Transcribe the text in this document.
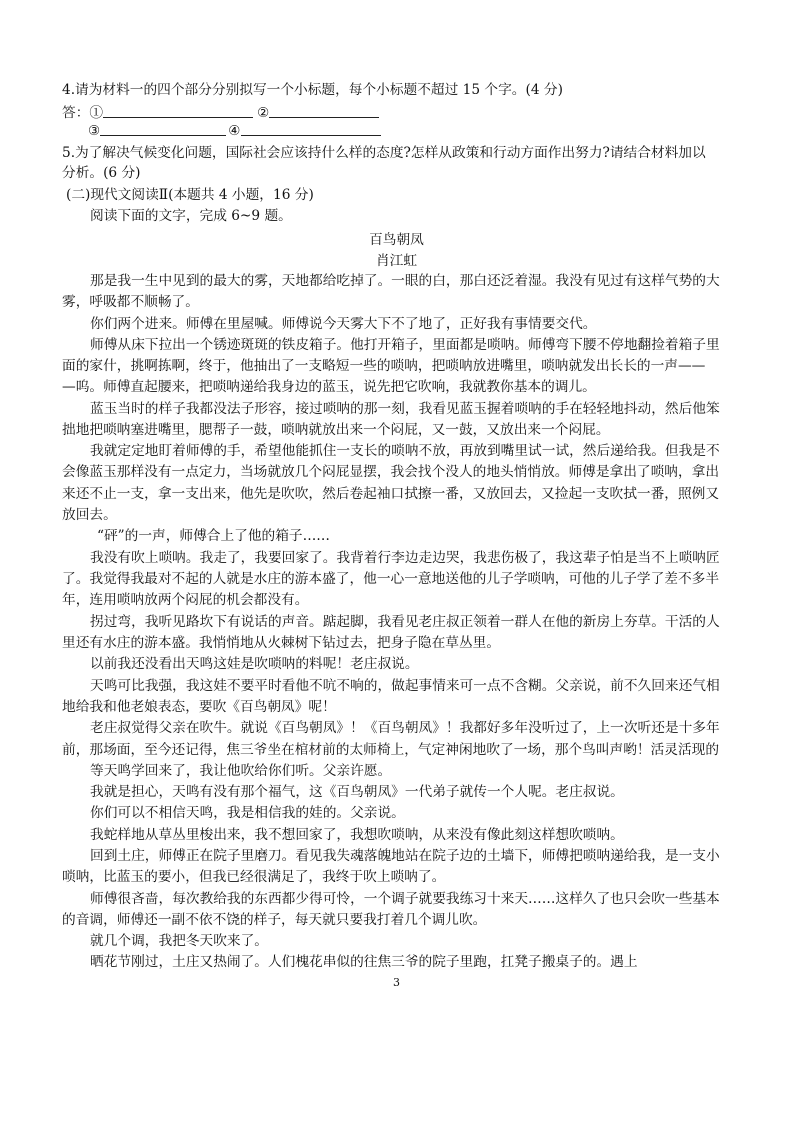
4.请为材料一的四个部分分别拟写一个小标题，每个小标题不超过 15 个字。(4 分)
答：①	②
③	④
5.为了解决气候变化问题，国际社会应该持什么样的态度?怎样从政策和行动方面作出努力?请结合材料加以
分析。(6 分)
(二)现代文阅读Ⅱ(本题共 4 小题，16 分)
阅读下面的文字，完成 6~9 题。
百鸟朝凤
肖江虹
那是我一生中见到的最大的雾，天地都给吃掉了。一眼的白，那白还泛着湿。我没有见过有这样气势的大
雾，呼吸都不顺畅了。
你们两个进来。师傅在里屋喊。师傅说今天雾大下不了地了，正好我有事情要交代。
师傅从床下拉出一个锈迹斑斑的铁皮箱子。他打开箱子，里面都是唢呐。师傅弯下腰不停地翻捡着箱子里
面的家什，挑啊拣啊，终于，他抽出了一支略短一些的唢呐，把唢呐放进嘴里，唢呐就发出长长的一声——
—呜。师傅直起腰来，把唢呐递给我身边的蓝玉，说先把它吹响，我就教你基本的调儿。
蓝玉当时的样子我都没法子形容，接过唢呐的那一刻，我看见蓝玉握着唢呐的手在轻轻地抖动，然后他笨
拙地把唢呐塞进嘴里，腮帮子一鼓，唢呐就放出来一个闷屁，又一鼓，又放出来一个闷屁。
我就定定地盯着师傅的手，希望他能抓住一支长的唢呐不放，再放到嘴里试一试，然后递给我。但我是不
会像蓝玉那样没有一点定力，当场就放几个闷屁显摆，我会找个没人的地头悄悄放。师傅是拿出了唢呐，拿出
来还不止一支，拿一支出来，他先是吹吹，然后卷起袖口拭擦一番，又放回去，又捡起一支吹拭一番，照例又
放回去。
“砰”的一声，师傅合上了他的箱子……
我没有吹上唢呐。我走了，我要回家了。我背着行李边走边哭，我悲伤极了，我这辈子怕是当不上唢呐匠
了。我觉得我最对不起的人就是水庄的游本盛了，他一心一意地送他的儿子学唢呐，可他的儿子学了差不多半
年，连用唢呐放两个闷屁的机会都没有。
拐过弯，我听见路坎下有说话的声音。踮起脚，我看见老庄叔正领着一群人在他的新房上夯草。干活的人
里还有水庄的游本盛。我悄悄地从火棘树下钻过去，把身子隐在草丛里。
以前我还没看出天鸣这娃是吹唢呐的料呢！老庄叔说。
天鸣可比我强，我这娃不要平时看他不吭不响的，做起事情来可一点不含糊。父亲说，前不久回来还气相
地给我和他老娘表态，要吹《百鸟朝凤》呢！
老庄叔觉得父亲在吹牛。就说《百鸟朝凤》！《百鸟朝凤》！我都好多年没听过了，上一次听还是十多年
前，那场面，至今还记得，焦三爷坐在棺材前的太师椅上，气定神闲地吹了一场，那个鸟叫声哟！活灵活现的
等天鸣学回来了，我让他吹给你们听。父亲许愿。
我就是担心，天鸣有没有那个福气，这《百鸟朝凤》一代弟子就传一个人呢。老庄叔说。
你们可以不相信天鸣，我是相信我的娃的。父亲说。
我蛇样地从草丛里梭出来，我不想回家了，我想吹唢呐，从来没有像此刻这样想吹唢呐。
回到土庄，师傅正在院子里磨刀。看见我失魂落魄地站在院子边的土墙下，师傅把唢呐递给我，是一支小
唢呐，比蓝玉的要小，但我已经很满足了，我终于吹上唢呐了。
师傅很吝啬，每次教给我的东西都少得可怜，一个调子就要我练习十来天……这样久了也只会吹一些基本
的音调，师傅还一副不依不饶的样子，每天就只要我打着几个调儿吹。
就几个调，我把冬天吹来了。
晒花节刚过，土庄又热闹了。人们槐花串似的往焦三爷的院子里跑，扛凳子搬桌子的。遇上
3
